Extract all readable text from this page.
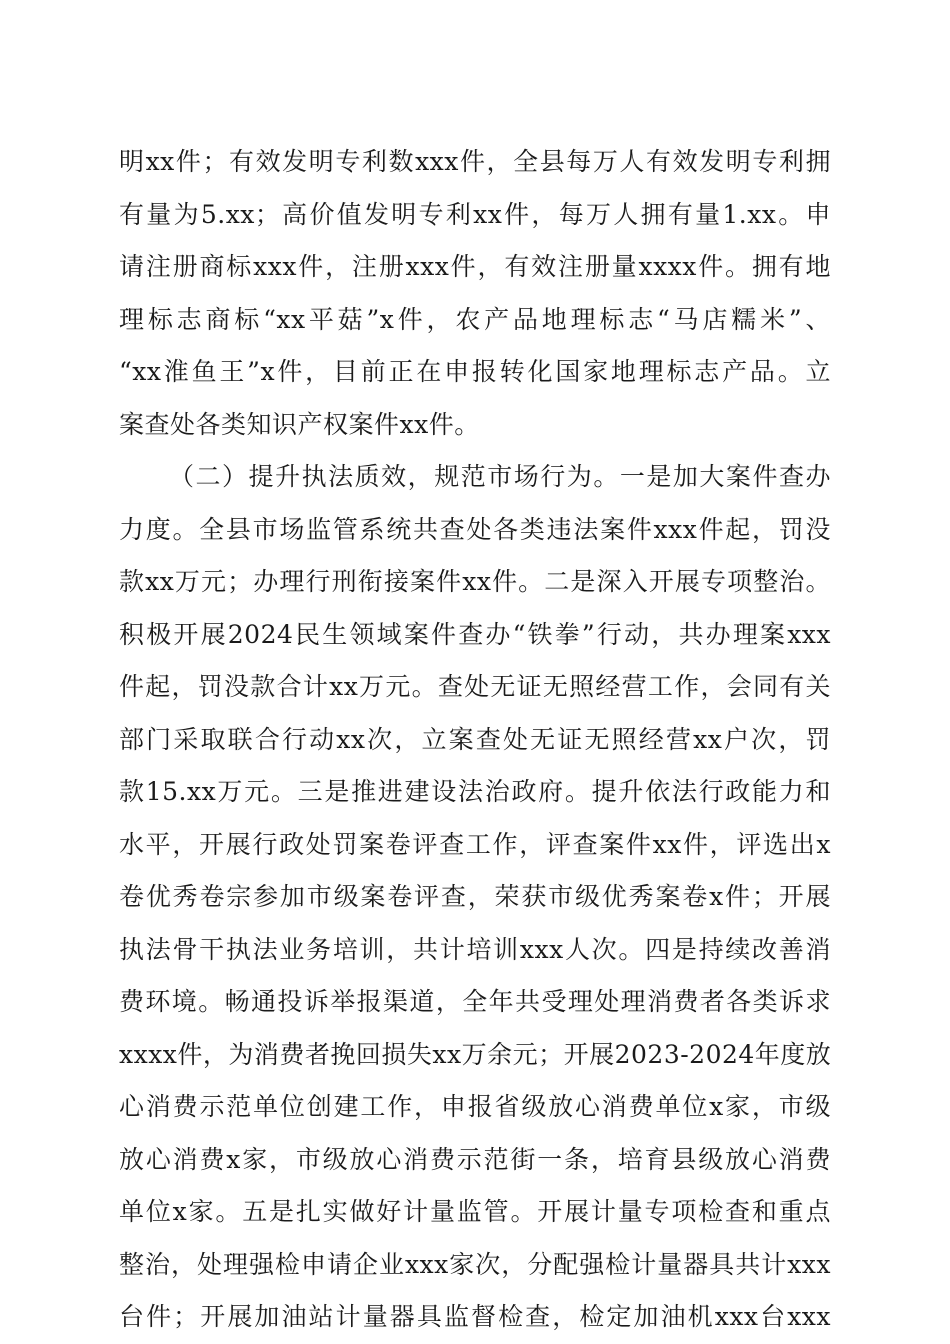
明xx件；有效发明专利数xxx件，全县每万人有效发明专利拥
有量为5.xx；高价值发明专利xx件，每万人拥有量1.xx。申
请注册商标xxx件，注册xxx件，有效注册量xxxx件。拥有地
理标志商标“xx平菇”x件，农产品地理标志“马店糯米”、
“xx淮鱼王”x件，目前正在申报转化国家地理标志产品。立
案查处各类知识产权案件xx件。
（二）提升执法质效，规范市场行为。一是加大案件查办
力度。全县市场监管系统共查处各类违法案件xxx件起，罚没
款xx万元；办理行刑衔接案件xx件。二是深入开展专项整治。
积极开展2024民生领域案件查办“铁拳”行动，共办理案xxx
件起，罚没款合计xx万元。查处无证无照经营工作，会同有关
部门采取联合行动xx次，立案查处无证无照经营xx户次，罚
款15.xx万元。三是推进建设法治政府。提升依法行政能力和
水平，开展行政处罚案卷评查工作，评查案件xx件，评选出x
卷优秀卷宗参加市级案卷评查，荣获市级优秀案卷x件；开展
执法骨干执法业务培训，共计培训xxx人次。四是持续改善消
费环境。畅通投诉举报渠道，全年共受理处理消费者各类诉求
xxxx件，为消费者挽回损失xx万余元；开展2023-2024年度放
心消费示范单位创建工作，申报省级放心消费单位x家，市级
放心消费x家，市级放心消费示范街一条，培育县级放心消费
单位x家。五是扎实做好计量监管。开展计量专项检查和重点
整治，处理强检申请企业xxx家次，分配强检计量器具共计xxx
台件；开展加油站计量器具监督检查，检定加油机xxx台xxx
